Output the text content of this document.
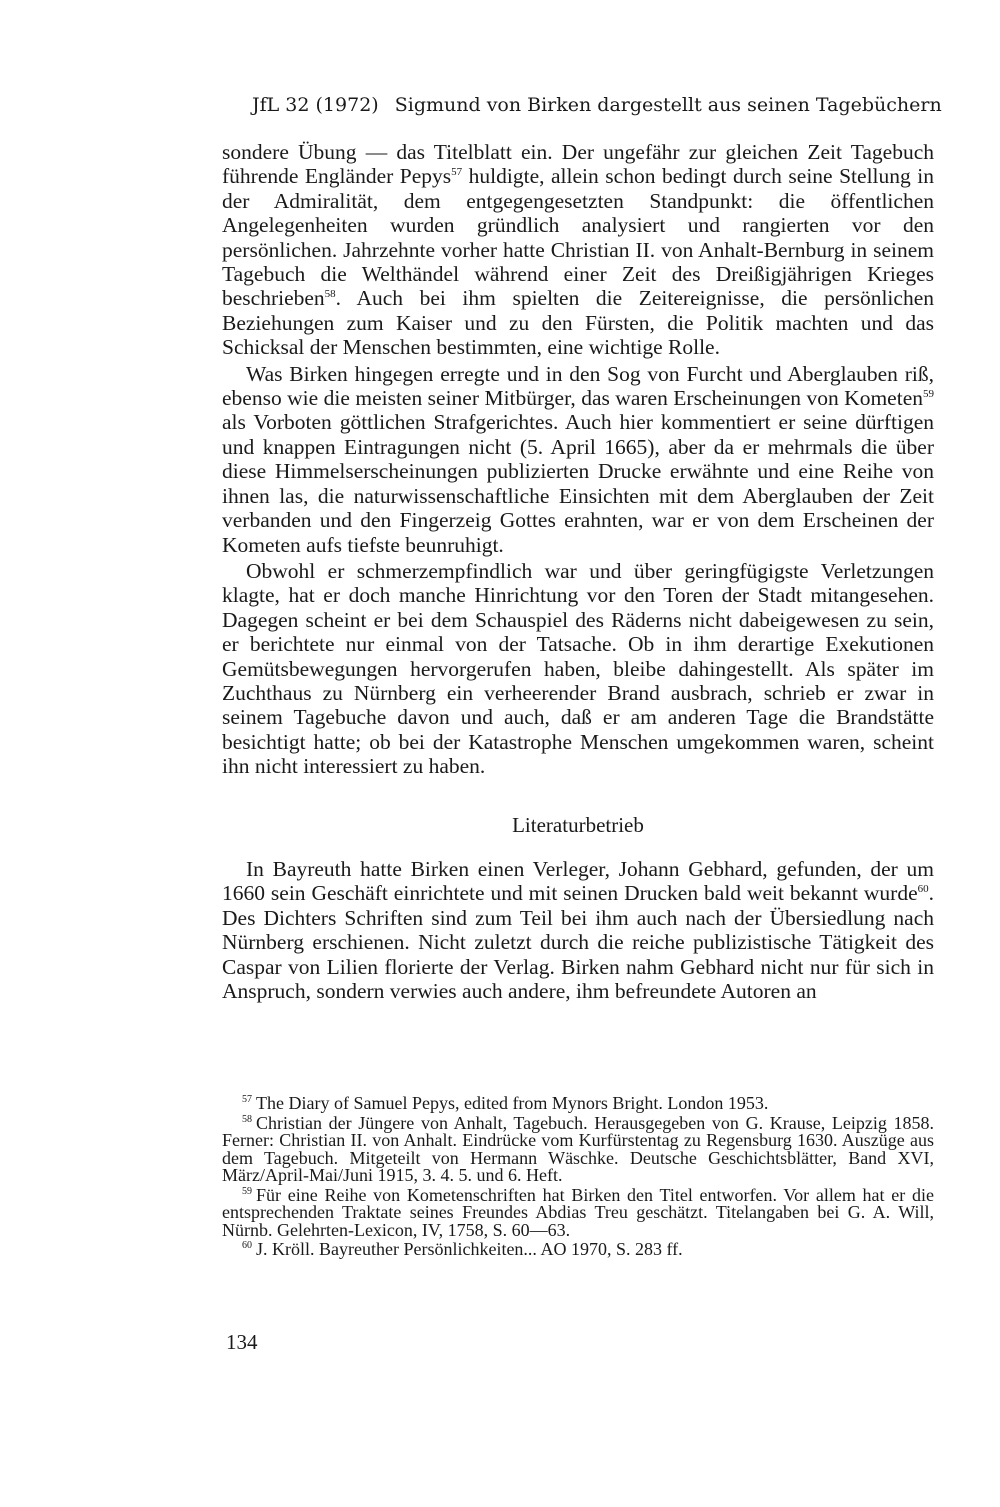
JfL 32 (1972) Sigmund von Birken dargestellt aus seinen Tagebüchern

sondere Übung — das Titelblatt ein. Der ungefähr zur gleichen Zeit Tagebuch führende Engländer Pepys$^{57}$ huldigte, allein schon bedingt durch seine Stellung in der Admiralität, dem entgegengesetzten Standpunkt: die öffentlichen Angelegenheiten wurden gründlich analysiert und rangierten vor den persönlichen. Jahrzehnte vorher hatte Christian II. von Anhalt-Bernburg in seinem Tagebuch die Welthändel während einer Zeit des Dreißigjährigen Krieges beschrieben$^{58}$. Auch bei ihm spielten die Zeitereignisse, die persönlichen Beziehungen zum Kaiser und zu den Fürsten, die Politik machten und das Schicksal der Menschen bestimmten, eine wichtige Rolle.

Was Birken hingegen erregte und in den Sog von Furcht und Aberglauben riß, ebenso wie die meisten seiner Mitbürger, das waren Erscheinungen von Kometen$^{59}$ als Vorboten göttlichen Strafgerichtes. Auch hier kommentiert er seine dürftigen und knappen Eintragungen nicht (5. April 1665), aber da er mehrmals die über diese Himmelserscheinungen publizierten Drucke erwähnte und eine Reihe von ihnen las, die naturwissenschaftliche Einsichten mit dem Aberglauben der Zeit verbanden und den Fingerzeig Gottes erahnten, war er von dem Erscheinen der Kometen aufs tiefste beunruhigt.

Obwohl er schmerzempfindlich war und über geringfügigste Verletzungen klagte, hat er doch manche Hinrichtung vor den Toren der Stadt mitangesehen. Dagegen scheint er bei dem Schauspiel des Räderns nicht dabeigewesen zu sein, er berichtete nur einmal von der Tatsache. Ob in ihm derartige Exekutionen Gemütsbewegungen hervorgerufen haben, bleibe dahingestellt. Als später im Zuchthaus zu Nürnberg ein verheerender Brand ausbrach, schrieb er zwar in seinem Tagebuche davon und auch, daß er am anderen Tage die Brandstätte besichtigt hatte; ob bei der Katastrophe Menschen umgekommen waren, scheint ihn nicht interessiert zu haben.

Literaturbetrieb

In Bayreuth hatte Birken einen Verleger, Johann Gebhard, gefunden, der um 1660 sein Geschäft einrichtete und mit seinen Drucken bald weit bekannt wurde$^{60}$. Des Dichters Schriften sind zum Teil bei ihm auch nach der Übersiedlung nach Nürnberg erschienen. Nicht zuletzt durch die reiche publizistische Tätigkeit des Caspar von Lilien florierte der Verlag. Birken nahm Gebhard nicht nur für sich in Anspruch, sondern verwies auch andere, ihm befreundete Autoren an

$^{57}$ The Diary of Samuel Pepys, edited from Mynors Bright. London 1953.

$^{58}$ Christian der Jüngere von Anhalt, Tagebuch. Herausgegeben von G. Krause, Leipzig 1858. Ferner: Christian II. von Anhalt. Eindrücke vom Kurfürstentag zu Regensburg 1630. Auszüge aus dem Tagebuch. Mitgeteilt von Hermann Wäschke. Deutsche Geschichtsblätter, Band XVI, März/April-Mai/Juni 1915, 3. 4. 5. und 6. Heft.

$^{59}$ Für eine Reihe von Kometenschriften hat Birken den Titel entworfen. Vor allem hat er die entsprechenden Traktate seines Freundes Abdias Treu geschätzt. Titelangaben bei G. A. Will, Nürnb. Gelehrten-Lexicon, IV, 1758, S. 60—63.

$^{60}$ J. Kröll. Bayreuther Persönlichkeiten... AO 1970, S. 283 ff.

134
